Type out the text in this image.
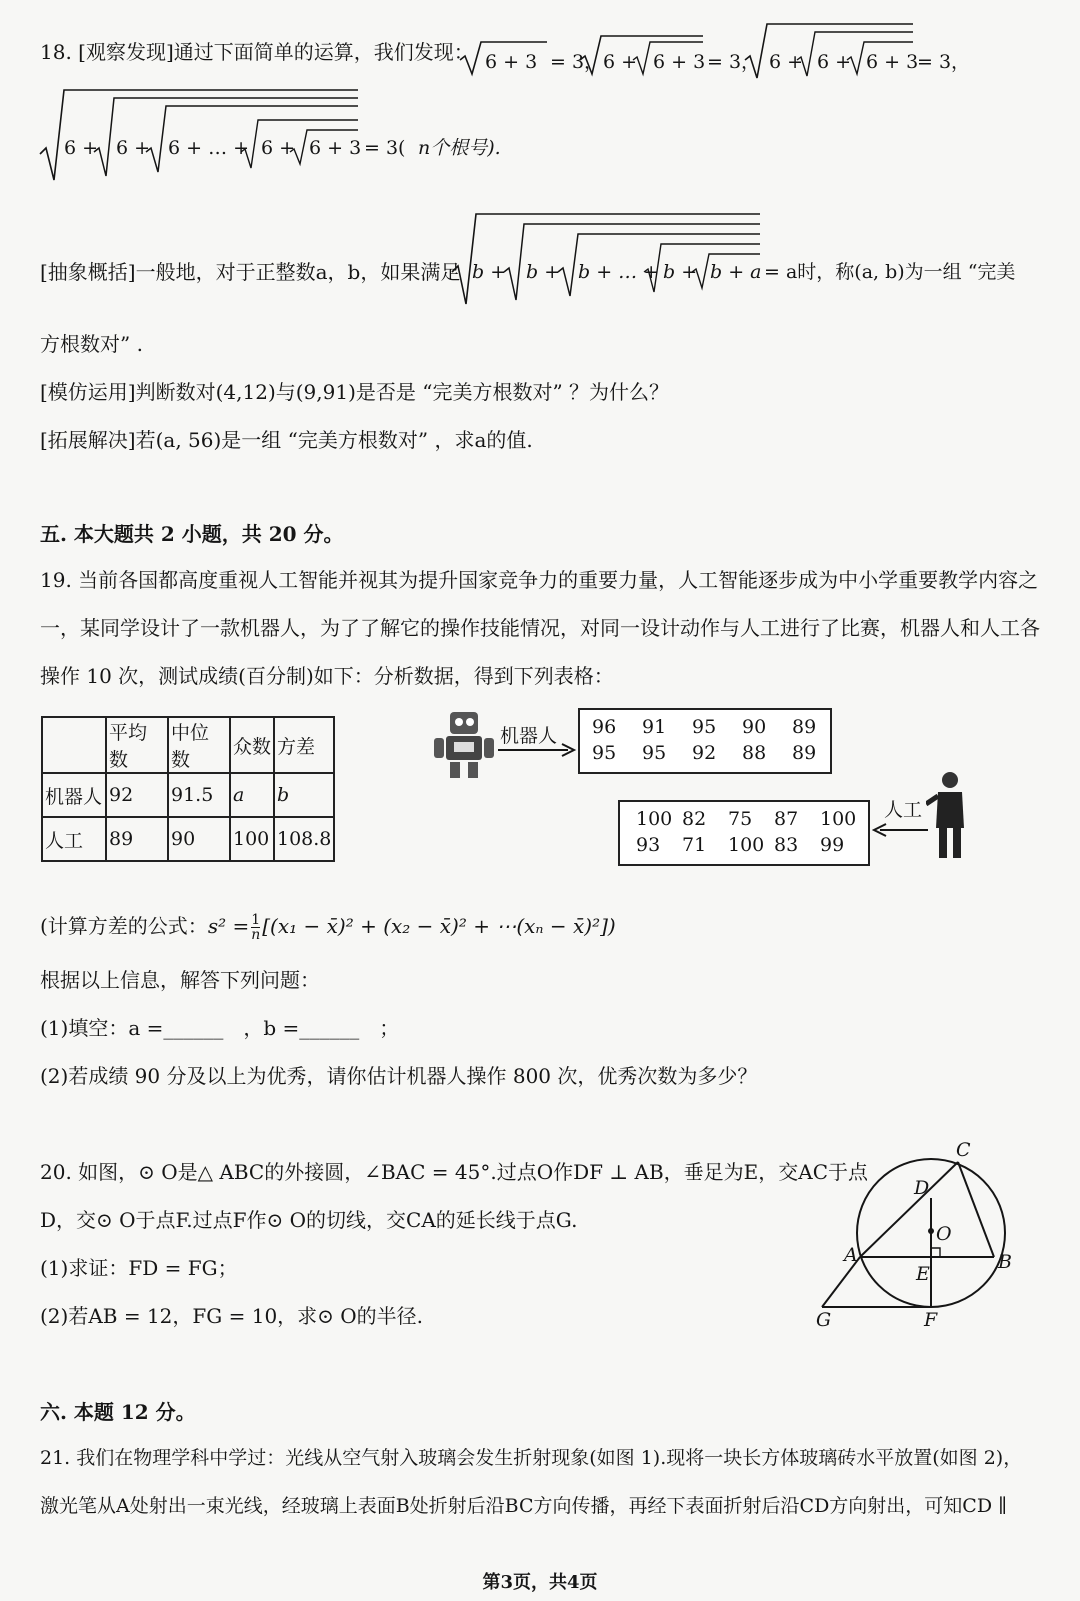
18. [观察发现]通过下面简单的运算，我们发现： 6 + 3 = 3， 6 + 6 + 3 = 3， 6 + 6 + 6 + 3
= 3，
6 + 6 + 6 + … + 6 + 6 + 3 = 3( n个根号).
[抽象概括]一般地，对于正整数a，b，如果满足 b + b + b + … + b + b + a = a时，称(a, b)为一组 “完美
方根数对” .
[模仿运用]判断数对(4,12)与(9,91)是否是 “完美方根数对” ？为什么？
[拓展解决]若(a, 56)是一组 “完美方根数对” ，求a的值.
五. 本大题共 2 小题，共 20 分。
19. 当前各国都高度重视人工智能并视其为提升国家竞争力的重要力量，人工智能逐步成为中小学重要教学内容之
一，某同学设计了一款机器人，为了了解它的操作技能情况，对同一设计动作与人工进行了比赛，机器人和人工各
操作 10 次，测试成绩(百分制)如下：分析数据，得到下列表格：
	平均数	中位数	众数	方差
机器人	92	91.5	a	b
人工	89	90	100	108.8
机器人 96 91 95 90 89
95 95 92 88 89
100 82 75 87 100
93 71 100 83 99
人工
(计算方差的公式：$s^2 = \frac{1}{n} [(x_1$ − x̄)² + (x₂ − x̄)² + ⋯(xₙ − x̄)²])
根据以上信息，解答下列问题：
(1)填空：a =______　，b =______　；
(2)若成绩 90 分及以上为优秀，请你估计机器人操作 800 次，优秀次数为多少？
20. 如图，⊙ O是△ ABC的外接圆，∠BAC = 45°.过点O作DF ⊥ AB，垂足为E，交AC于点
D，交⊙ O于点F.过点F作⊙ O的切线，交CA的延长线于点G.
(1)求证：FD = FG；
(2)若AB = 12，FG = 10，求⊙ O的半径.
C
D
O
A	B
E
G	F
六. 本题 12 分。
21. 我们在物理学科中学过：光线从空气射入玻璃会发生折射现象(如图 1).现将一块长方体玻璃砖水平放置(如图 2)，
激光笔从A处射出一束光线，经玻璃上表面B处折射后沿BC方向传播，再经下表面折射后沿CD方向射出，可知CD ∥
第3页，共4页
